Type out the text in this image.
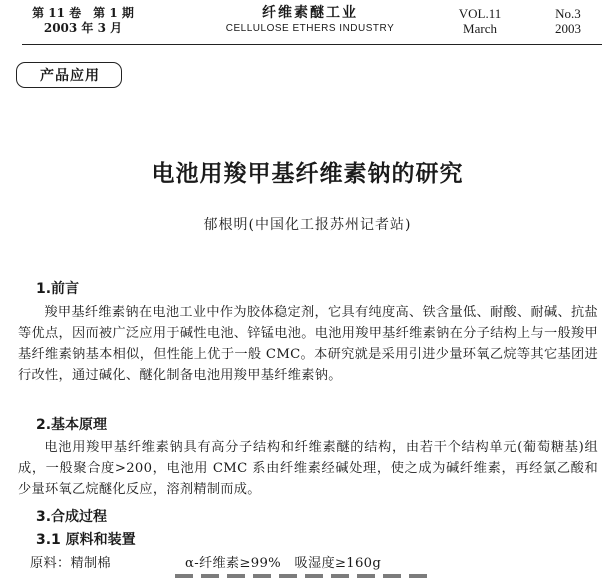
第 11 卷　第 1 期
2003 年 3 月
纤维素醚工业
CELLULOSE ETHERS INDUSTRY
VOL.11
March
No.3
2003
产品应用
电池用羧甲基纤维素钠的研究
郁根明(中国化工报苏州记者站)
1.前言
羧甲基纤维素钠在电池工业中作为胶体稳定剂，它具有纯度高、铁含量低、耐酸、耐碱、抗盐等优点，因而被广泛应用于碱性电池、锌锰电池。电池用羧甲基纤维素钠在分子结构上与一般羧甲基纤维素钠基本相似，但性能上优于一般 CMC。本研究就是采用引进少量环氧乙烷等其它基团进行改性，通过碱化、醚化制备电池用羧甲基纤维素钠。
2.基本原理
电池用羧甲基纤维素钠具有高分子结构和纤维素醚的结构，由若干个结构单元(葡萄糖基)组成，一般聚合度>200，电池用 CMC 系由纤维素经碱处理，使之成为碱纤维素，再经氯乙酸和少量环氧乙烷醚化反应，溶剂精制而成。
3.合成过程
3.1 原料和装置
原料：精制棉	α-纤维素≥99%　吸湿度≥160g
